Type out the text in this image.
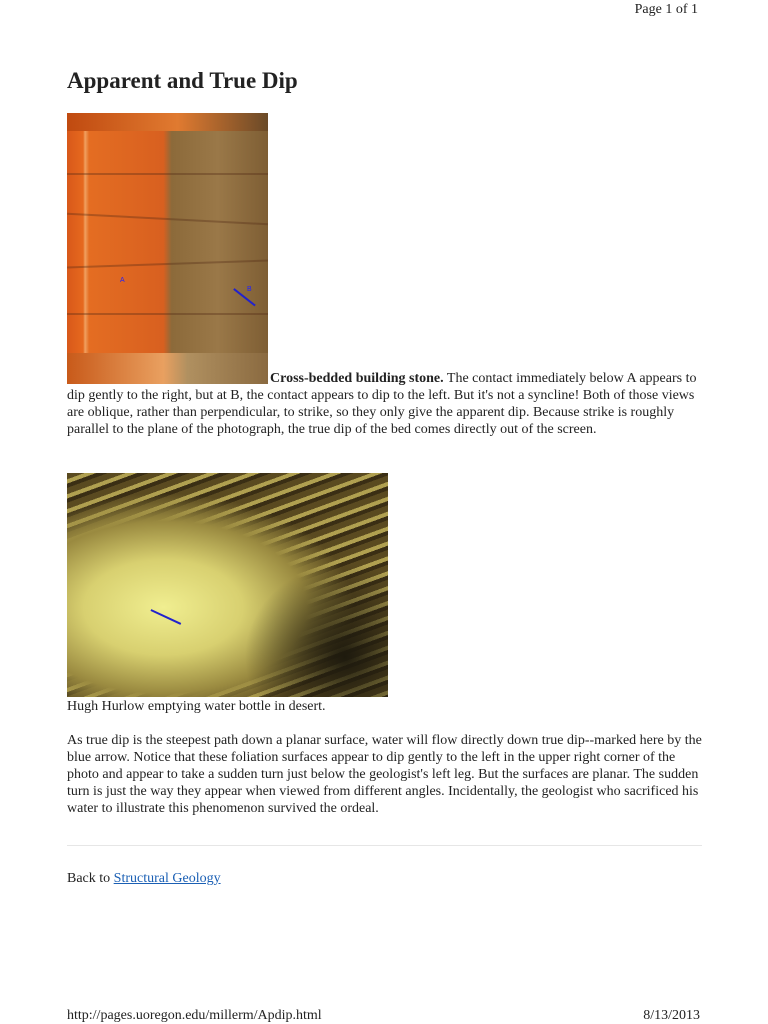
Page 1 of 1
Apparent and True Dip
A
B
Cross-bedded building stone. The contact immediately below A appears to dip gently to the right, but at B, the contact appears to dip to the left. But it's not a syncline! Both of those views are oblique, rather than perpendicular, to strike, so they only give the apparent dip. Because strike is roughly parallel to the plane of the photograph, the true dip of the bed comes directly out of the screen.
Hugh Hurlow emptying water bottle in desert.
As true dip is the steepest path down a planar surface, water will flow directly down true dip--marked here by the blue arrow. Notice that these foliation surfaces appear to dip gently to the left in the upper right corner of the photo and appear to take a sudden turn just below the geologist's left leg. But the surfaces are planar. The sudden turn is just the way they appear when viewed from different angles. Incidentally, the geologist who sacrificed his water to illustrate this phenomenon survived the ordeal.
Back to Structural Geology
http://pages.uoregon.edu/millerm/Apdip.html	8/13/2013
